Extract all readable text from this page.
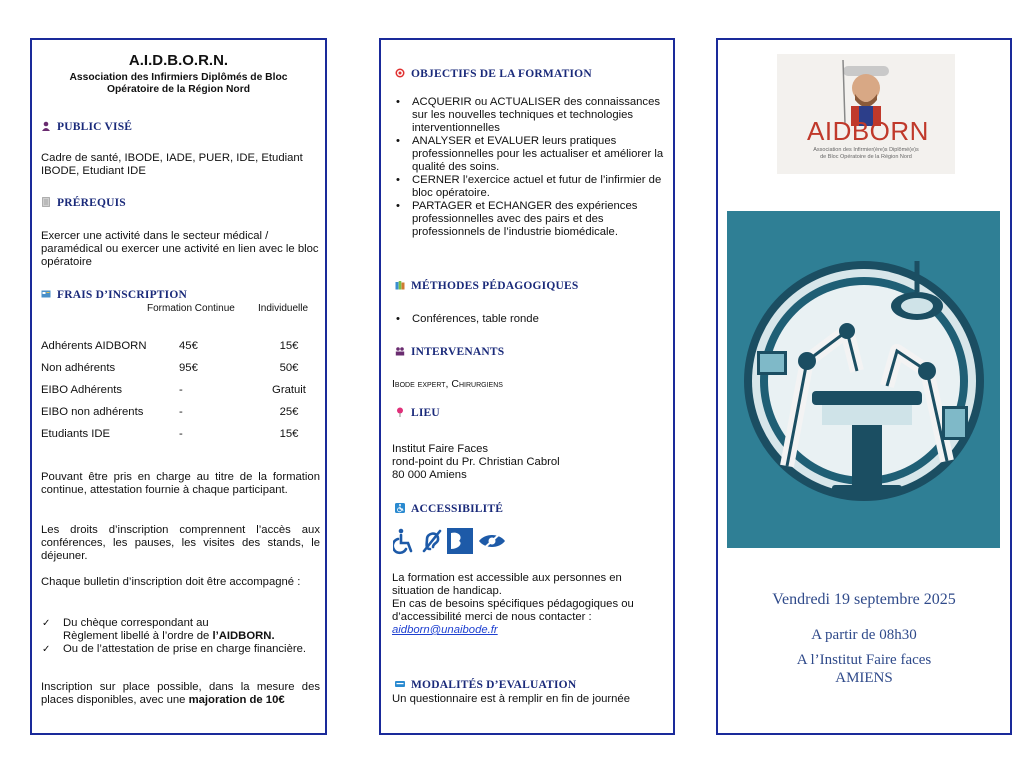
A.I.D.B.O.R.N.
Association des Infirmiers Diplômés de Bloc
Opératoire de la Région Nord
PUBLIC VISÉ
Cadre de santé, IBODE, IADE, PUER, IDE, Etudiant IBODE, Etudiant IDE
PRÉREQUIS
Exercer une activité dans le secteur médical / paramédical ou exercer une activité en lien avec le bloc opératoire
FRAIS D’INSCRIPTION
Formation Continue Individuelle
Adhérents AIDBORN	45€	15€
Non adhérents	95€	50€
EIBO Adhérents	-	Gratuit
EIBO non adhérents	-	25€
Etudiants IDE	-	15€
Pouvant être pris en charge au titre de la formation continue, attestation fournie à chaque participant.
Les droits d’inscription comprennent l’accès aux conférences, les pauses, les visites des stands, le déjeuner.
Chaque bulletin d’inscription doit être accompagné :
✓ Du chèque correspondant au
Règlement libellé à l’ordre de l’AIDBORN.
✓ Ou de l’attestation de prise en charge financière.
Inscription sur place possible, dans la mesure des places disponibles, avec une majoration de 10€
OBJECTIFS DE LA FORMATION
• ACQUERIR ou ACTUALISER des connaissances sur les nouvelles techniques et technologies interventionnelles
• ANALYSER et EVALUER leurs pratiques professionnelles pour les actualiser et améliorer la qualité des soins.
• CERNER l’exercice actuel et futur de l’infirmier de bloc opératoire.
• PARTAGER et ECHANGER des expériences professionnelles avec des pairs et des professionnels de l’industrie biomédicale.
MÉTHODES PÉDAGOGIQUES
• Conférences, table ronde
INTERVENANTS
Ibode expert, Chirurgiens
LIEU
Institut Faire Faces
rond-point du Pr. Christian Cabrol
80 000 Amiens
ACCESSIBILITÉ
La formation est accessible aux personnes en
situation de handicap.
En cas de besoins spécifiques pédagogiques ou
d’accessibilité merci de nous contacter :
aidborn@unaibode.fr
MODALITÉS D’EVALUATION
Un questionnaire est à remplir en fin de journée
AIDBORN
Association des Infirmier(ère)s Diplômé(e)s
de Bloc Opératoire de la Région Nord
Vendredi 19 septembre 2025
A partir de 08h30
A l’Institut Faire faces
AMIENS
